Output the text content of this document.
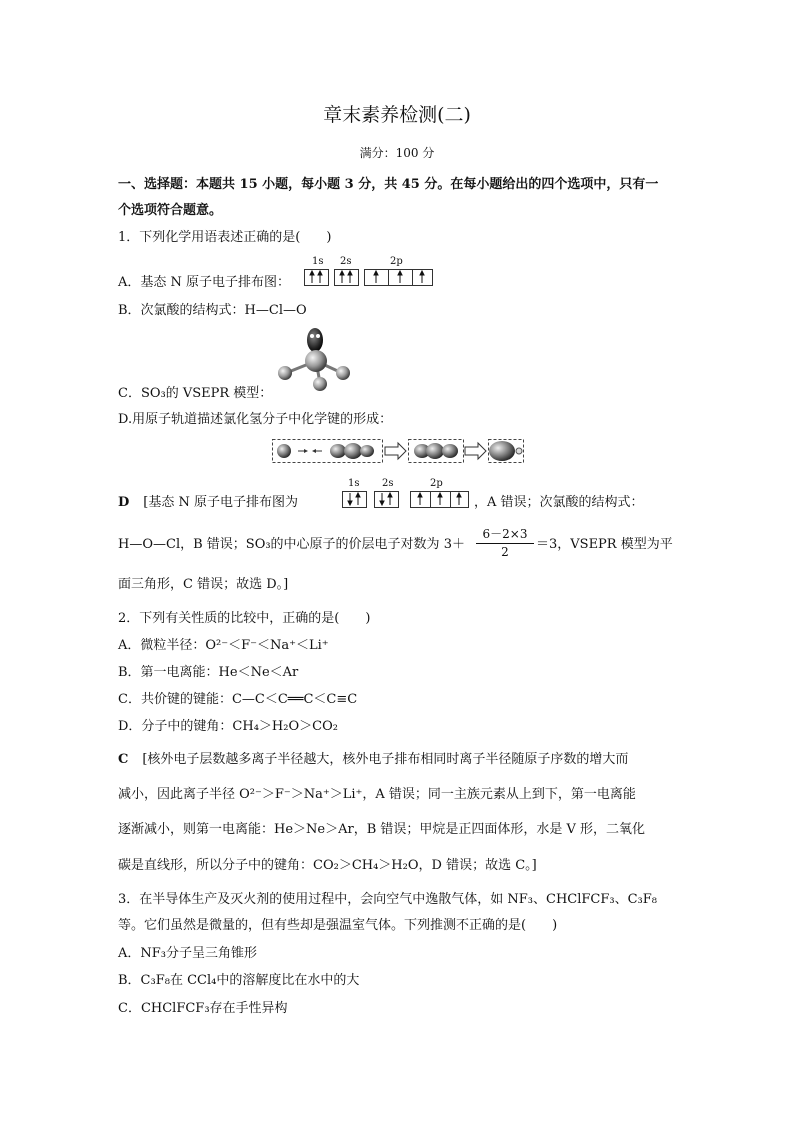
章末素养检测(二)
满分：100 分
一、选择题：本题共 15 小题，每小题 3 分，共 45 分。在每小题给出的四个选项中，只有一
个选项符合题意。
1．下列化学用语表述正确的是(　　)
A．基态 N 原子电子排布图：
1s 2s	2p
B．次氯酸的结构式：H—Cl—O
C．SO₃的 VSEPR 模型：
D.用原子轨道描述氯化氢分子中化学键的形成：
D [基态 N 原子电子排布图为
1s 2s	2p
，A 错误；次氯酸的结构式：
H—O—Cl，B 错误；SO₃的中心原子的价层电子对数为 $3+ \frac{6-2\times 3}{2} =3$，VSEPR 模型为平
面三角形，C 错误；故选 D。]
2．下列有关性质的比较中，正确的是(　　)
A．微粒半径：O²⁻＜F⁻＜Na⁺＜Li⁺
B．第一电离能：He＜Ne＜Ar
C．共价键的键能：C—C＜C══C＜C≡C
D．分子中的键角：CH₄＞H₂O＞CO₂
C [核外电子层数越多离子半径越大，核外电子排布相同时离子半径随原子序数的增大而
减小，因此离子半径 O²⁻＞F⁻＞Na⁺＞Li⁺，A 错误；同一主族元素从上到下，第一电离能
逐渐减小，则第一电离能：He＞Ne＞Ar，B 错误；甲烷是正四面体形，水是 V 形，二氧化
碳是直线形，所以分子中的键角：CO₂＞CH₄＞H₂O，D 错误；故选 C。]
3．在半导体生产及灭火剂的使用过程中，会向空气中逸散气体，如 NF₃、CHClFCF₃、C₃F₈
等。它们虽然是微量的，但有些却是强温室气体。下列推测不正确的是(　　)
A．NF₃分子呈三角锥形
B．C₃F₈在 CCl₄中的溶解度比在水中的大
C．CHClFCF₃存在手性异构
